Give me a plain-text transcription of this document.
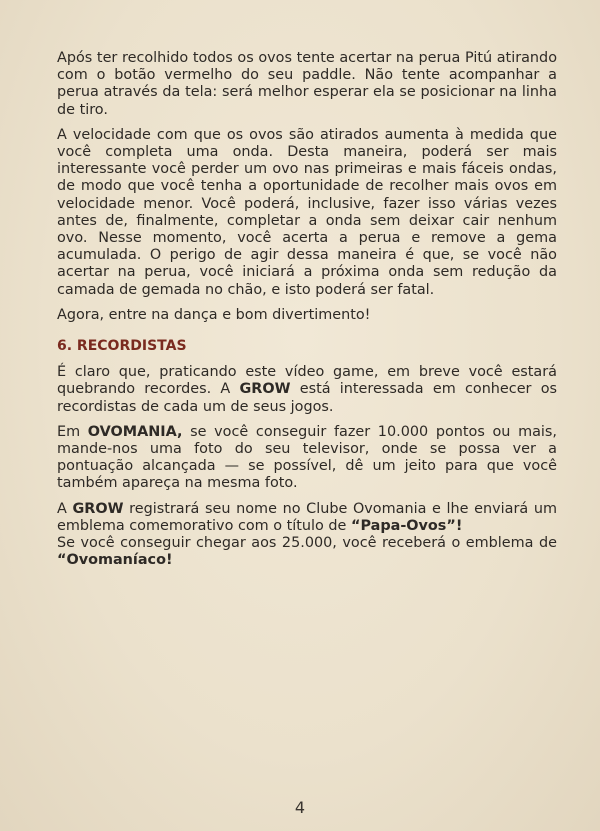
Após ter recolhido todos os ovos tente acertar na perua Pitú atirando com o botão vermelho do seu paddle. Não tente acompanhar a perua através da tela: será melhor esperar ela se posicionar na linha de tiro.

A velocidade com que os ovos são atirados aumenta à medida que você completa uma onda. Desta maneira, poderá ser mais interessante você perder um ovo nas primeiras e mais fáceis ondas, de modo que você tenha a oportunidade de recolher mais ovos em velocidade menor. Você poderá, inclusive, fazer isso várias vezes antes de, finalmente, completar a onda sem deixar cair nenhum ovo. Nesse momento, você acerta a perua e remove a gema acumulada. O perigo de agir dessa maneira é que, se você não acertar na perua, você iniciará a próxima onda sem redução da camada de gemada no chão, e isto poderá ser fatal.

Agora, entre na dança e bom divertimento!

6. RECORDISTAS

É claro que, praticando este vídeo game, em breve você estará quebrando recordes. A GROW está interessada em conhecer os recordistas de cada um de seus jogos.

Em OVOMANIA, se você conseguir fazer 10.000 pontos ou mais, mande-nos uma foto do seu televisor, onde se possa ver a pontuação alcançada — se possível, dê um jeito para que você também apareça na mesma foto.

A GROW registrará seu nome no Clube Ovomania e lhe enviará um emblema comemorativo com o título de “Papa-Ovos”!
Se você conseguir chegar aos 25.000, você receberá o emblema de “Ovomaníaco!

4
